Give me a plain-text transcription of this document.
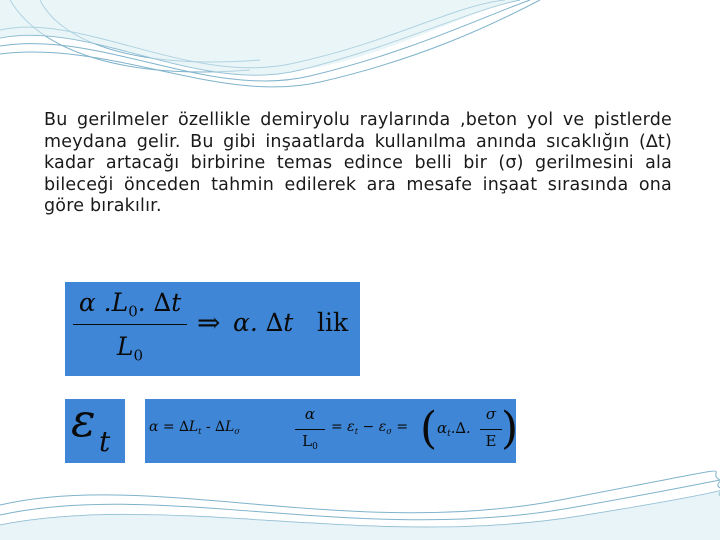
Bu gerilmeler özellikle demiryolu raylarında ,beton yol ve pistlerde meydana gelir. Bu gibi inşaatlarda kullanılma anında sıcaklığın (∆t) kadar artacağı birbirine temas edince belli bir (σ) gerilmesini ala bileceği önceden tahmin edilerek ara mesafe inşaat sırasında ona göre bırakılır.
α $.L_0$. ∆t
$L_0$
⇒ α. ∆t lik
ε t	$\alpha = \Delta L_t - \Delta L_\sigma$
α
$L_0$
= $\varepsilon_t - \varepsilon_\sigma$ = ( $\alpha_t.\Delta$.
σ
E )
